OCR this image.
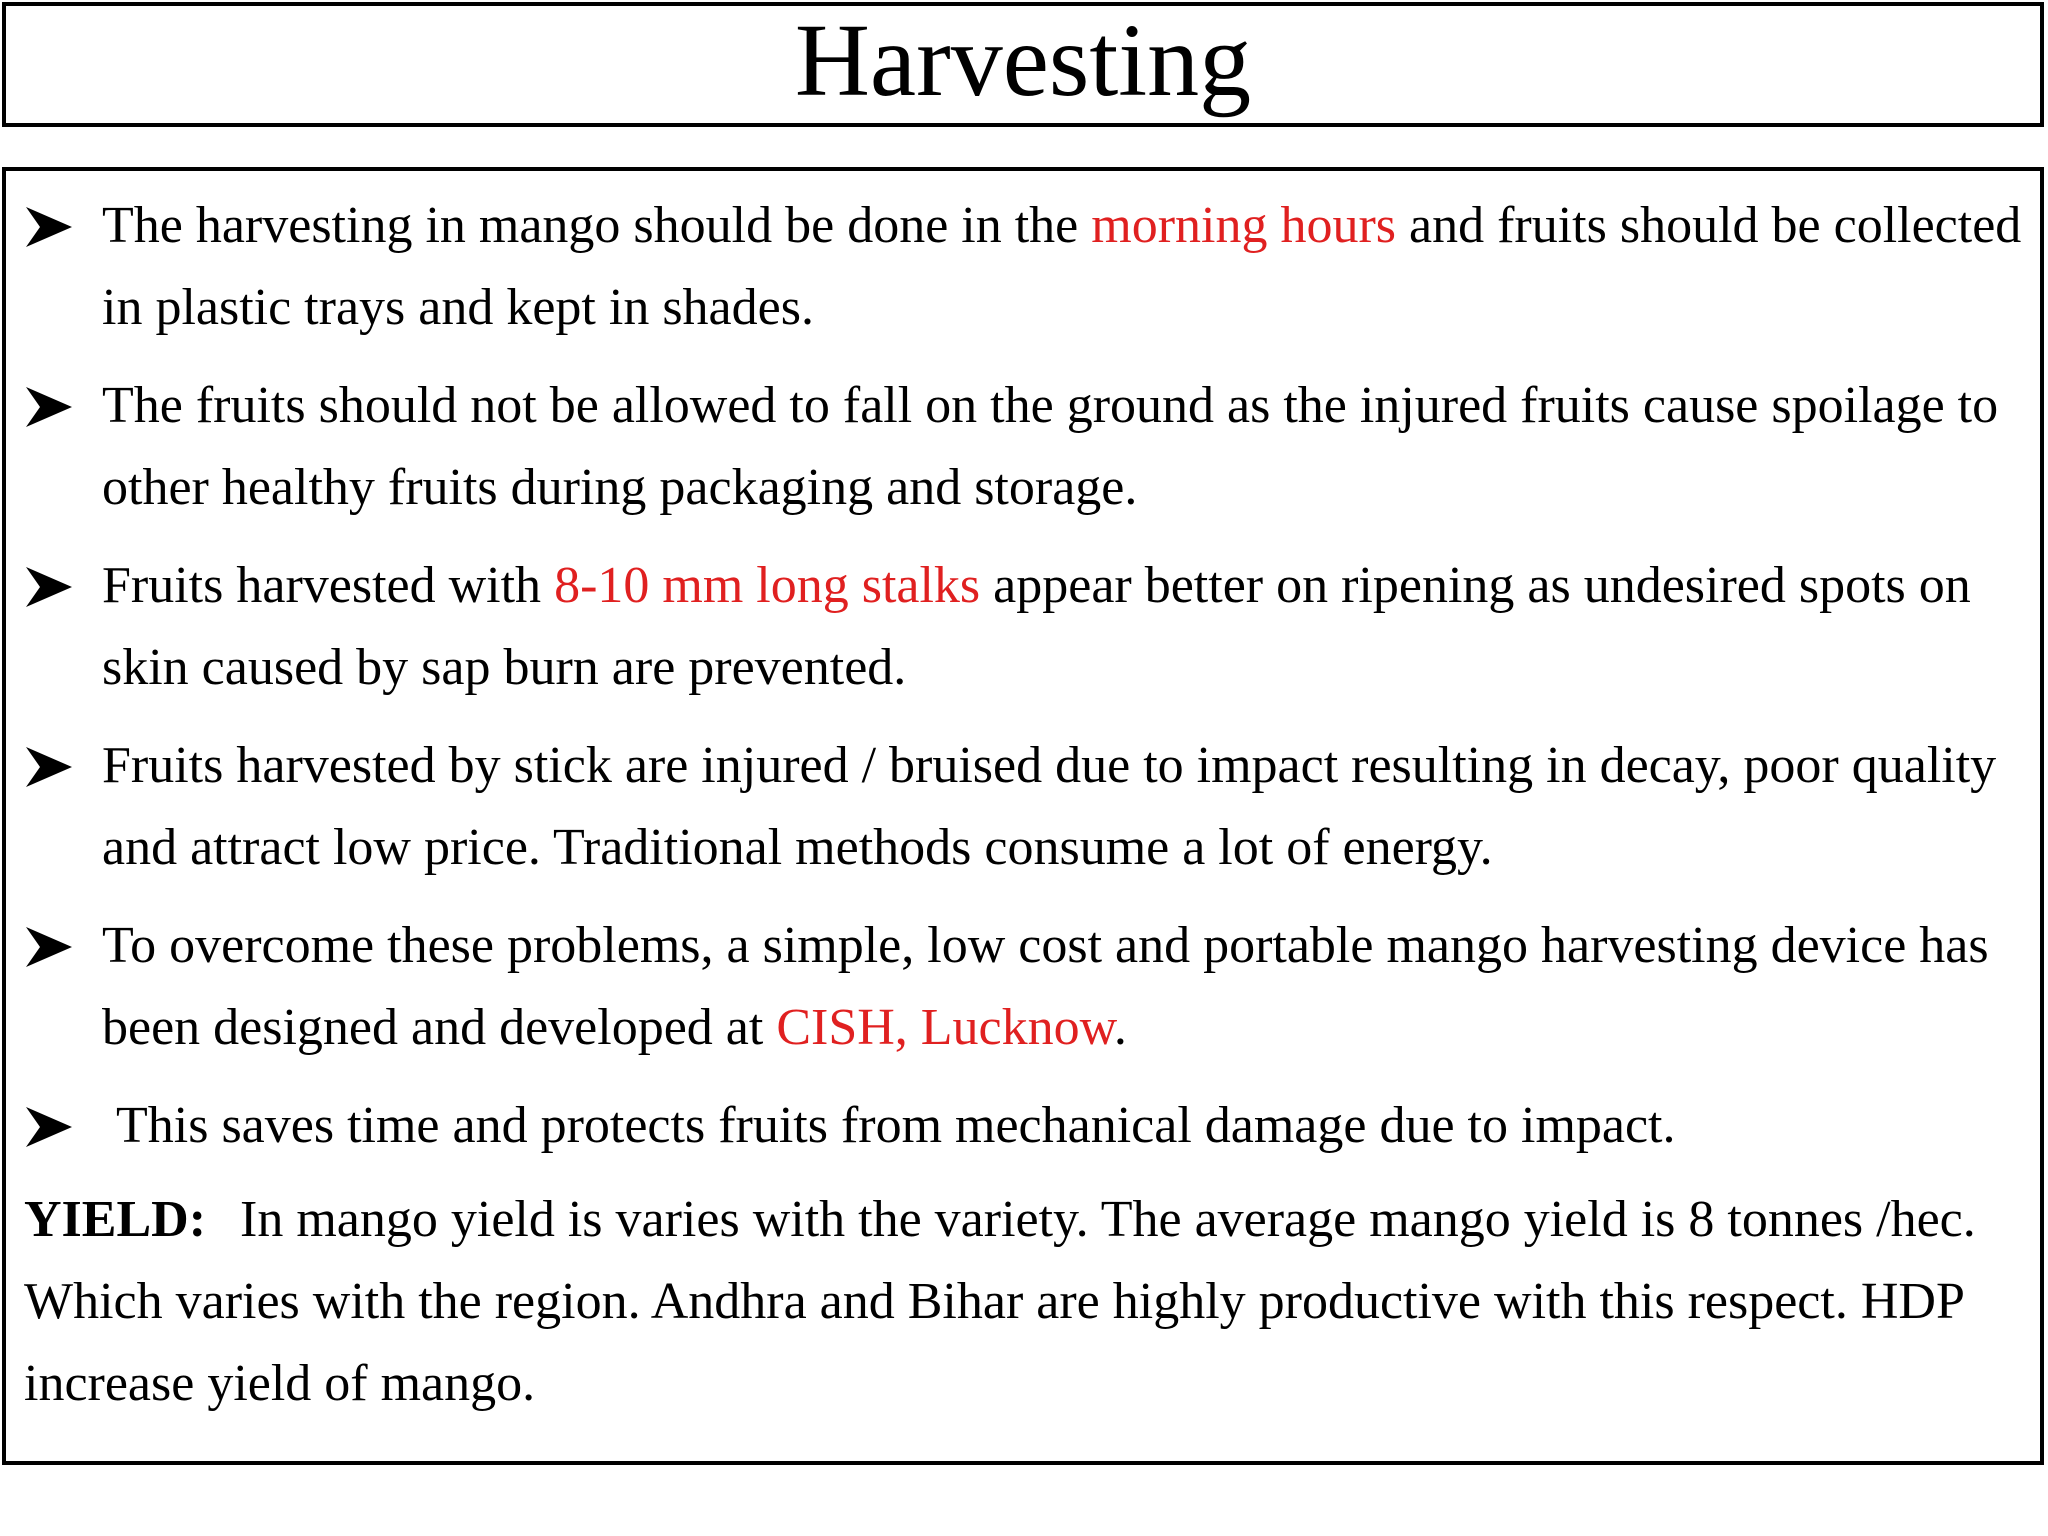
Harvesting
The harvesting in mango should be done in the morning hours and fruits should be collected in plastic trays and kept in shades.
The fruits should not be allowed to fall on the ground as the injured fruits cause spoilage to other healthy fruits during packaging and storage.
Fruits harvested with 8-10 mm long stalks appear better on ripening as undesired spots on skin caused by sap burn are prevented.
Fruits harvested by stick are injured / bruised due to impact resulting in decay, poor quality and attract low price. Traditional methods consume a lot of energy.
To overcome these problems, a simple, low cost and portable mango harvesting device has been designed and developed at CISH, Lucknow.
This saves time and protects fruits from mechanical damage due to impact.

YIELD: In mango yield is varies with the variety. The average mango yield is 8 tonnes /hec. Which varies with the region. Andhra and Bihar are highly productive with this respect. HDP increase yield of mango.
